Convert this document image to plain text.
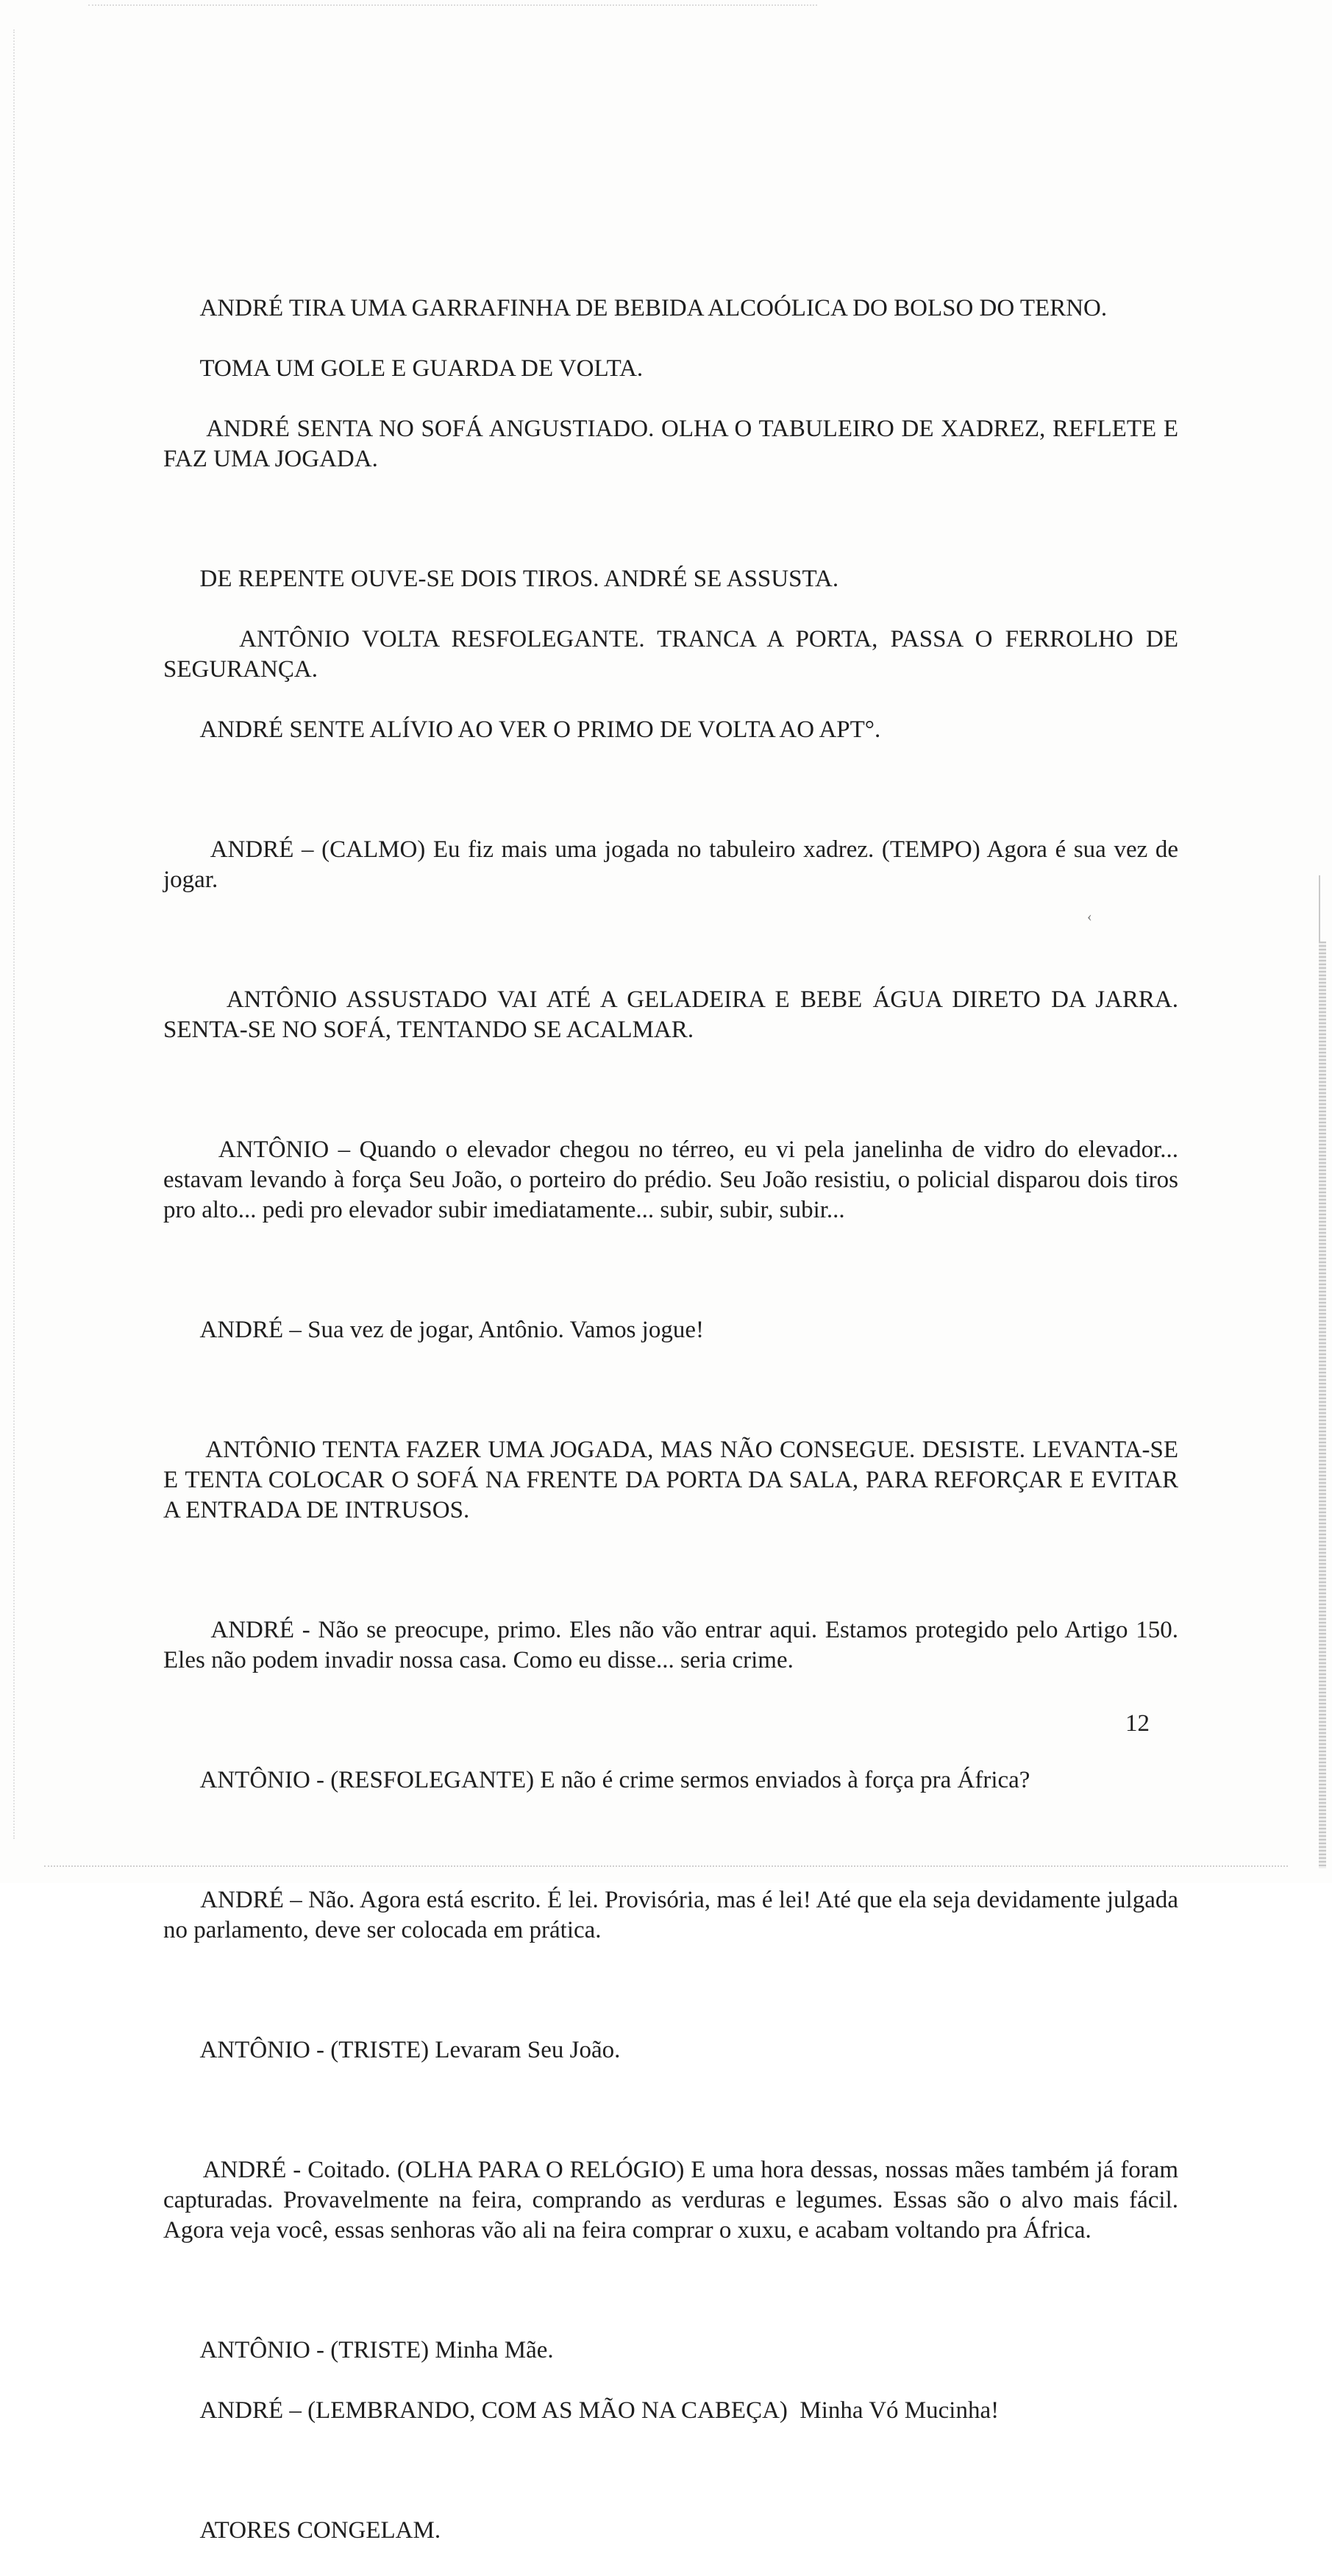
ANDRÉ TIRA UMA GARRAFINHA DE BEBIDA ALCOÓLICA DO BOLSO DO TERNO.

TOMA UM GOLE E GUARDA DE VOLTA.

ANDRÉ SENTA NO SOFÁ ANGUSTIADO. OLHA O TABULEIRO DE XADREZ, REFLETE E FAZ UMA JOGADA.

DE REPENTE OUVE-SE DOIS TIROS. ANDRÉ SE ASSUSTA.

ANTÔNIO VOLTA RESFOLEGANTE. TRANCA A PORTA, PASSA O FERROLHO DE SEGURANÇA.

ANDRÉ SENTE ALÍVIO AO VER O PRIMO DE VOLTA AO APT°.

ANDRÉ – (CALMO) Eu fiz mais uma jogada no tabuleiro xadrez. (TEMPO) Agora é sua vez de jogar.

ANTÔNIO ASSUSTADO VAI ATÉ A GELADEIRA E BEBE ÁGUA DIRETO DA JARRA. SENTA-SE NO SOFÁ, TENTANDO SE ACALMAR.

ANTÔNIO – Quando o elevador chegou no térreo, eu vi pela janelinha de vidro do elevador... estavam levando à força Seu João, o porteiro do prédio. Seu João resistiu, o policial disparou dois tiros pro alto... pedi pro elevador subir imediatamente... subir, subir, subir...

ANDRÉ – Sua vez de jogar, Antônio. Vamos jogue!

ANTÔNIO TENTA FAZER UMA JOGADA, MAS NÃO CONSEGUE. DESISTE. LEVANTA-SE E TENTA COLOCAR O SOFÁ NA FRENTE DA PORTA DA SALA, PARA REFORÇAR E EVITAR A ENTRADA DE INTRUSOS.

ANDRÉ - Não se preocupe, primo. Eles não vão entrar aqui. Estamos protegido pelo Artigo 150. Eles não podem invadir nossa casa. Como eu disse... seria crime.

ANTÔNIO - (RESFOLEGANTE) E não é crime sermos enviados à força pra África?

ANDRÉ – Não. Agora está escrito. É lei. Provisória, mas é lei! Até que ela seja devidamente julgada no parlamento, deve ser colocada em prática.

ANTÔNIO - (TRISTE) Levaram Seu João.

ANDRÉ - Coitado. (OLHA PARA O RELÓGIO) E uma hora dessas, nossas mães também já foram capturadas. Provavelmente na feira, comprando as verduras e legumes. Essas são o alvo mais fácil. Agora veja você, essas senhoras vão ali na feira comprar o xuxu, e acabam voltando pra África.

ANTÔNIO - (TRISTE) Minha Mãe.

ANDRÉ – (LEMBRANDO, COM AS MÃO NA CABEÇA)  Minha Vó Mucinha!

ATORES CONGELAM.

‹
12
